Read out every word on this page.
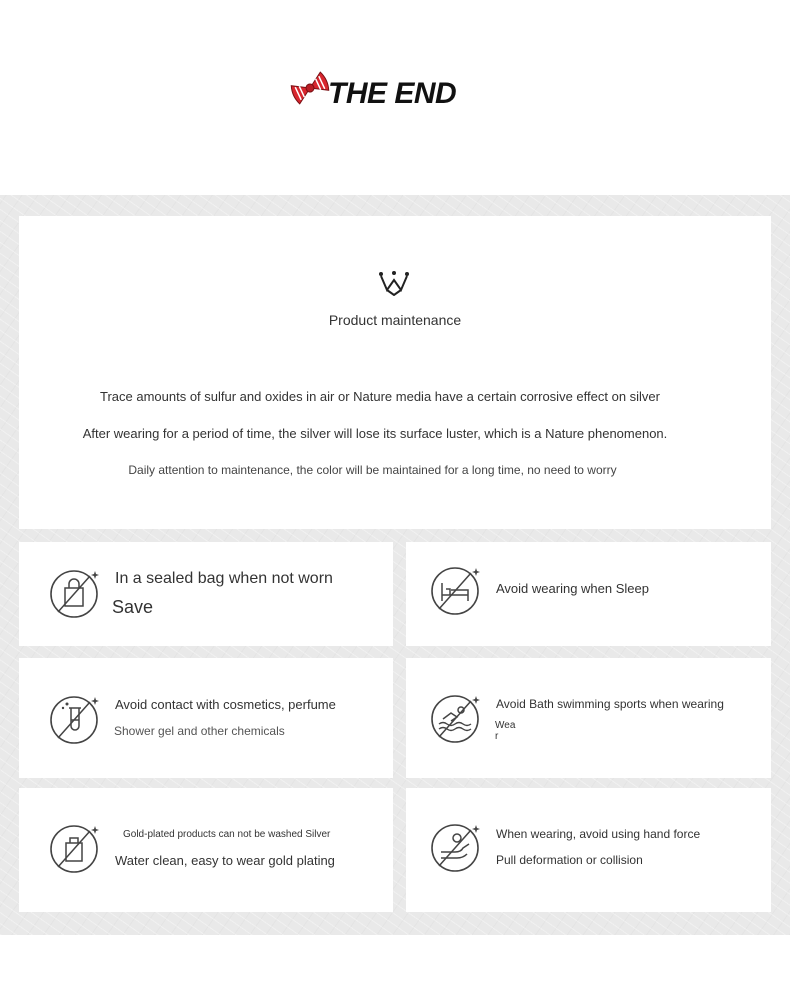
THE END
Product maintenance
Trace amounts of sulfur and oxides in air or Nature media have a certain corrosive effect on silver
After wearing for a period of time, the silver will lose its surface luster, which is a Nature phenomenon.
Daily attention to maintenance, the color will be maintained for a long time, no need to worry
In a sealed bag when not worn
Save
Avoid wearing when Sleep
Avoid contact with cosmetics, perfume
Shower gel and other chemicals
Avoid Bath swimming sports when wearing
Wea
r
Gold-plated products can not be washed Silver
Water clean, easy to wear gold plating
When wearing, avoid using hand force
Pull deformation or collision
